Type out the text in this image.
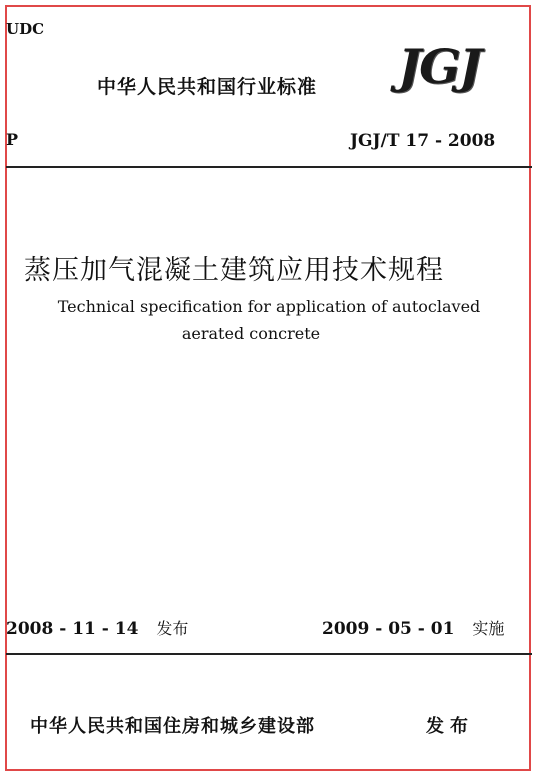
UDC
中华人民共和国行业标准 JGJ
P	JGJ/T 17 - 2008
蒸压加气混凝土建筑应用技术规程
Technical specification for application of autoclaved
aerated concrete
2008 - 11 - 14 发布	2009 - 05 - 01 实施
中华人民共和国住房和城乡建设部	发布
